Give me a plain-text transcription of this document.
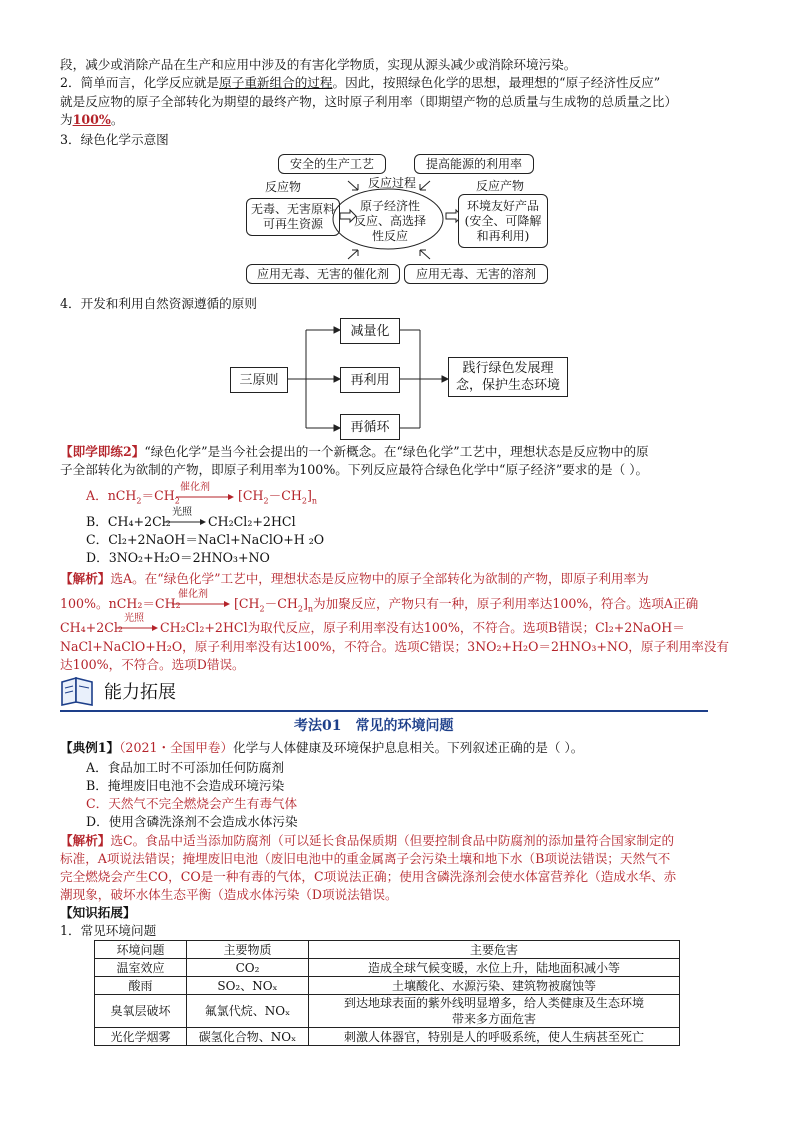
段，减少或消除产品在生产和应用中涉及的有害化学物质，实现从源头减少或消除环境污染。
2．简单而言，化学反应就是原子重新组合的过程。因此，按照绿色化学的思想，最理想的“原子经济性反应”
就是反应物的原子全部转化为期望的最终产物，这时原子利用率（即期望产物的总质量与生成物的总质量之比）
为100%。
3．绿色化学示意图
安全的生产工艺	提高能源的利用率
反应物	反应过程	反应产物
无毒、无害原料
可再生资源
原子经济性
反应、高选择
性反应
环境友好产品
(安全、可降解
和再利用)
应用无毒、无害的催化剂	应用无毒、无害的溶剂
4．开发和利用自然资源遵循的原则
三原则
减量化
再利用
再循环
践行绿色发展理
念，保护生态环境
【即学即练2】“绿色化学”是当今社会提出的一个新概念。在“绿色化学”工艺中，理想状态是反应物中的原
子全部转化为欲制的产物，即原子利用率为100%。下列反应最符合绿色化学中“原子经济”要求的是（ ）。
A．$nCH_2=CH_2$
催化剂
$[CH_2-CH_2]_n$
B．CH₄+2Cl₂
光照
CH₂Cl₂+2HCl
C．Cl₂+2NaOH＝NaCl+NaClO+H ₂O
D．3NO₂+H₂O＝2HNO₃+NO
【解析】选A。在“绿色化学”工艺中，理想状态是反应物中的原子全部转化为欲制的产物，即原子利用率为
100%。nCH₂＝CH₂
催化剂
$[CH_2-CH_2]_n$为加聚反应，产物只有一种，原子利用率达100%，符合。选项A正确
CH₄+2Cl₂
光照
CH₂Cl₂+2HCl为取代反应，原子利用率没有达100%，不符合。选项B错误；Cl₂+2NaOH＝
NaCl+NaClO+H₂O，原子利用率没有达100%，不符合。选项C错误；3NO₂+H₂O＝2HNO₃+NO，原子利用率没有
达100%，不符合。选项D错误。
能力拓展
考法01　常见的环境问题
【典例1】（2021・全国甲卷）化学与人体健康及环境保护息息相关。下列叙述正确的是（ ）。
A．食品加工时不可添加任何防腐剂
B．掩埋废旧电池不会造成环境污染
C．天然气不完全燃烧会产生有毒气体
D．使用含磷洗涤剂不会造成水体污染
【解析】选C。食品中适当添加防腐剂（可以延长食品保质期（但要控制食品中防腐剂的添加量符合国家制定的
标准，A项说法错误；掩埋废旧电池（废旧电池中的重金属离子会污染土壤和地下水（B项说法错误；天然气不
完全燃烧会产生CO，CO是一种有毒的气体，C项说法正确；使用含磷洗涤剂会使水体富营养化（造成水华、赤
潮现象，破坏水体生态平衡（造成水体污染（D项说法错误。
【知识拓展】
1．常见环境问题
环境问题	主要物质	主要危害
温室效应	CO₂	造成全球气候变暖，水位上升，陆地面积减小等
酸雨	SO₂、NOₓ	土壤酸化、水源污染、建筑物被腐蚀等
臭氧层破坏	氟氯代烷、NOₓ	到达地球表面的紫外线明显增多，给人类健康及生态环境
带来多方面危害
光化学烟雾	碳氢化合物、NOₓ	刺激人体器官，特别是人的呼吸系统，使人生病甚至死亡
